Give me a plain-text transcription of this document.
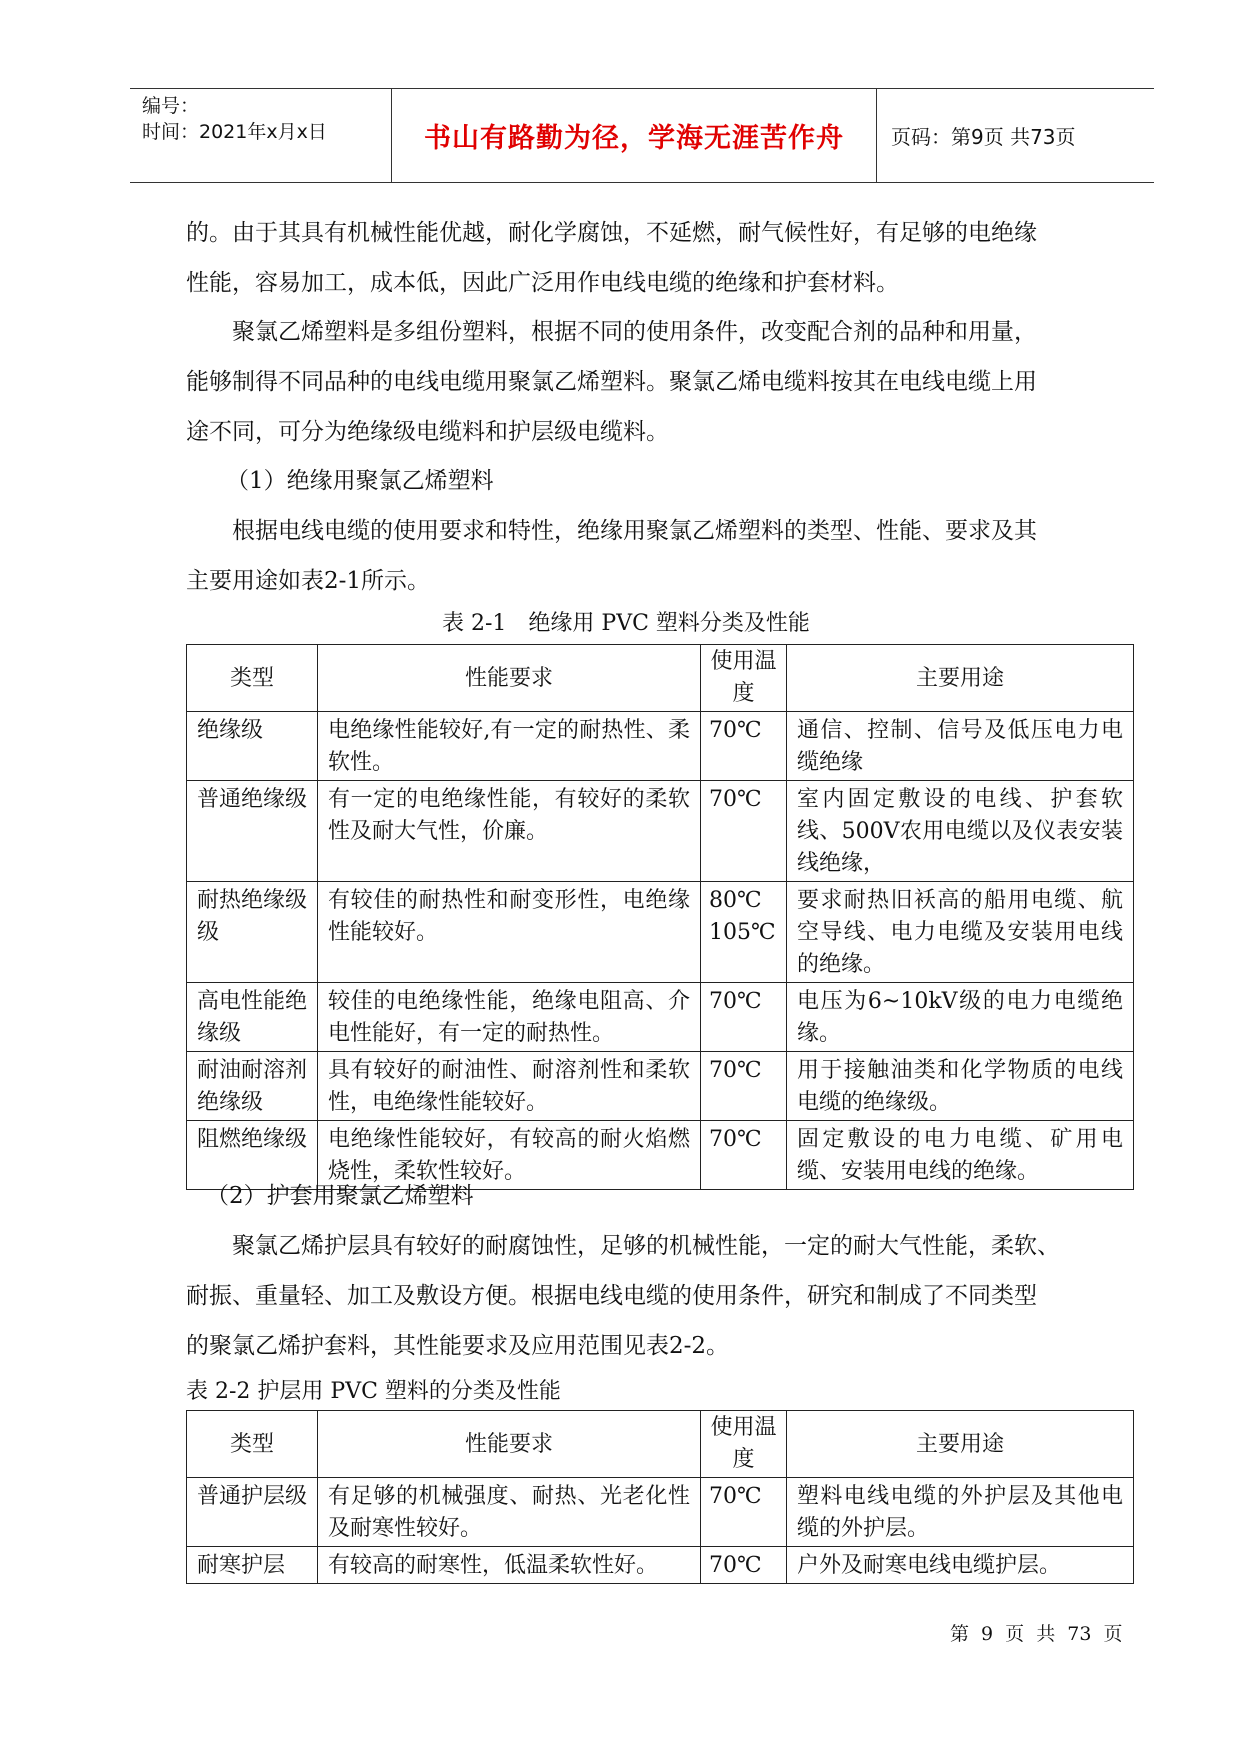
编号：
时间：2021年x月x日	书山有路勤为径，学海无涯苦作舟 页码：第9页 共73页
的。由于其具有机械性能优越，耐化学腐蚀，不延燃，耐气候性好，有足够的电绝缘
性能，容易加工，成本低，因此广泛用作电线电缆的绝缘和护套材料。
聚氯乙烯塑料是多组份塑料，根据不同的使用条件，改变配合剂的品种和用量，
能够制得不同品种的电线电缆用聚氯乙烯塑料。聚氯乙烯电缆料按其在电线电缆上用
途不同，可分为绝缘级电缆料和护层级电缆料。
（1）绝缘用聚氯乙烯塑料
根据电线电缆的使用要求和特性，绝缘用聚氯乙烯塑料的类型、性能、要求及其
主要用途如表2-1所示。
表 2-1　绝缘用 PVC 塑料分类及性能
类型	性能要求	使用温度	主要用途
绝缘级	电绝缘性能较好,有一定的耐热性、柔软性。	70℃	通信、控制、信号及低压电力电缆绝缘
普通绝缘级	有一定的电绝缘性能，有较好的柔软性及耐大气性，价廉。	70℃	室内固定敷设的电线、护套软线、500V农用电缆以及仪表安装线绝缘，
耐热绝缘级级	有较佳的耐热性和耐变形性，电绝缘性能较好。	80℃ 105℃	要求耐热旧袄高的船用电缆、航空导线、电力电缆及安装用电线的绝缘。
高电性能绝缘级	较佳的电绝缘性能，绝缘电阻高、介电性能好，有一定的耐热性。	70℃	电压为6~10kV级的电力电缆绝缘。
耐油耐溶剂绝缘级	具有较好的耐油性、耐溶剂性和柔软性，电绝缘性能较好。	70℃	用于接触油类和化学物质的电线电缆的绝缘级。
阻燃绝缘级	电绝缘性能较好，有较高的耐火焰燃烧性，柔软性较好。	70℃	固定敷设的电力电缆、矿用电缆、安装用电线的绝缘。
（2）护套用聚氯乙烯塑料
聚氯乙烯护层具有较好的耐腐蚀性，足够的机械性能，一定的耐大气性能，柔软、
耐振、重量轻、加工及敷设方便。根据电线电缆的使用条件，研究和制成了不同类型
的聚氯乙烯护套料，其性能要求及应用范围见表2-2。
表 2-2 护层用 PVC 塑料的分类及性能
类型	性能要求	使用温度	主要用途
普通护层级	有足够的机械强度、耐热、光老化性及耐寒性较好。	70℃	塑料电线电缆的外护层及其他电缆的外护层。
耐寒护层	有较高的耐寒性，低温柔软性好。	70℃	户外及耐寒电线电缆护层。
第 9 页 共 73 页
